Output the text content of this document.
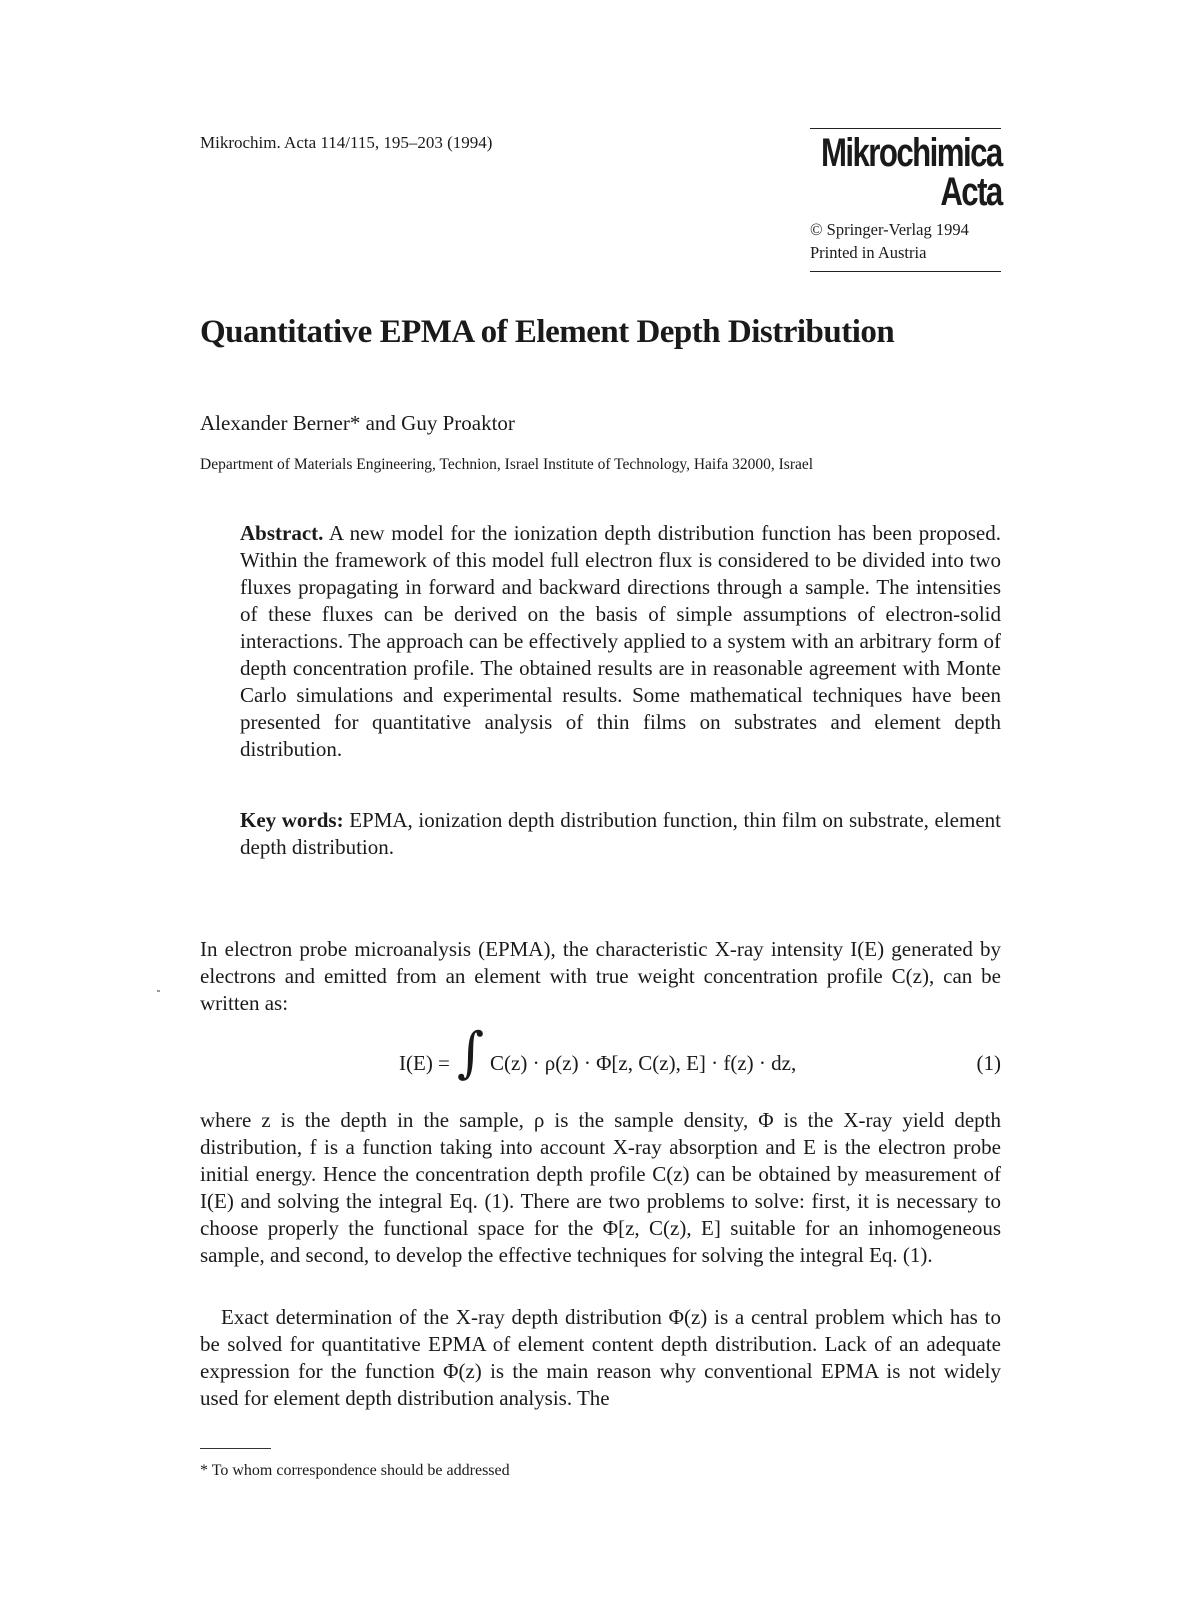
Mikrochim. Acta 114/115, 195–203 (1994)	Mikrochimica
Acta
© Springer-Verlag 1994
Printed in Austria
Quantitative EPMA of Element Depth Distribution
Alexander Berner* and Guy Proaktor
Department of Materials Engineering, Technion, Israel Institute of Technology, Haifa 32000, Israel
Abstract. A new model for the ionization depth distribution function has been proposed. Within the framework of this model full electron flux is considered to be divided into two fluxes propagating in forward and backward directions through a sample. The intensities of these fluxes can be derived on the basis of simple assumptions of electron-solid interactions. The approach can be effectively applied to a system with an arbitrary form of depth concentration profile. The obtained results are in reasonable agreement with Monte Carlo simulations and experimental results. Some mathematical techniques have been presented for quantitative analysis of thin films on substrates and element depth distribution.
Key words: EPMA, ionization depth distribution function, thin film on substrate, element depth distribution.
In electron probe microanalysis (EPMA), the characteristic X-ray intensity I(E) generated by electrons and emitted from an element with true weight concentration profile C(z), can be written as:
I(E) = ∫ C(z) · ρ(z) · Φ[z, C(z), E] · f(z) · dz,	(1)
where z is the depth in the sample, ρ is the sample density, Φ is the X-ray yield depth distribution, f is a function taking into account X-ray absorption and E is the electron probe initial energy. Hence the concentration depth profile C(z) can be obtained by measurement of I(E) and solving the integral Eq. (1). There are two problems to solve: first, it is necessary to choose properly the functional space for the Φ[z, C(z), E] suitable for an inhomogeneous sample, and second, to develop the effective techniques for solving the integral Eq. (1).
 Exact determination of the X-ray depth distribution Φ(z) is a central problem which has to be solved for quantitative EPMA of element content depth distribution. Lack of an adequate expression for the function Φ(z) is the main reason why conventional EPMA is not widely used for element depth distribution analysis. The
* To whom correspondence should be addressed
